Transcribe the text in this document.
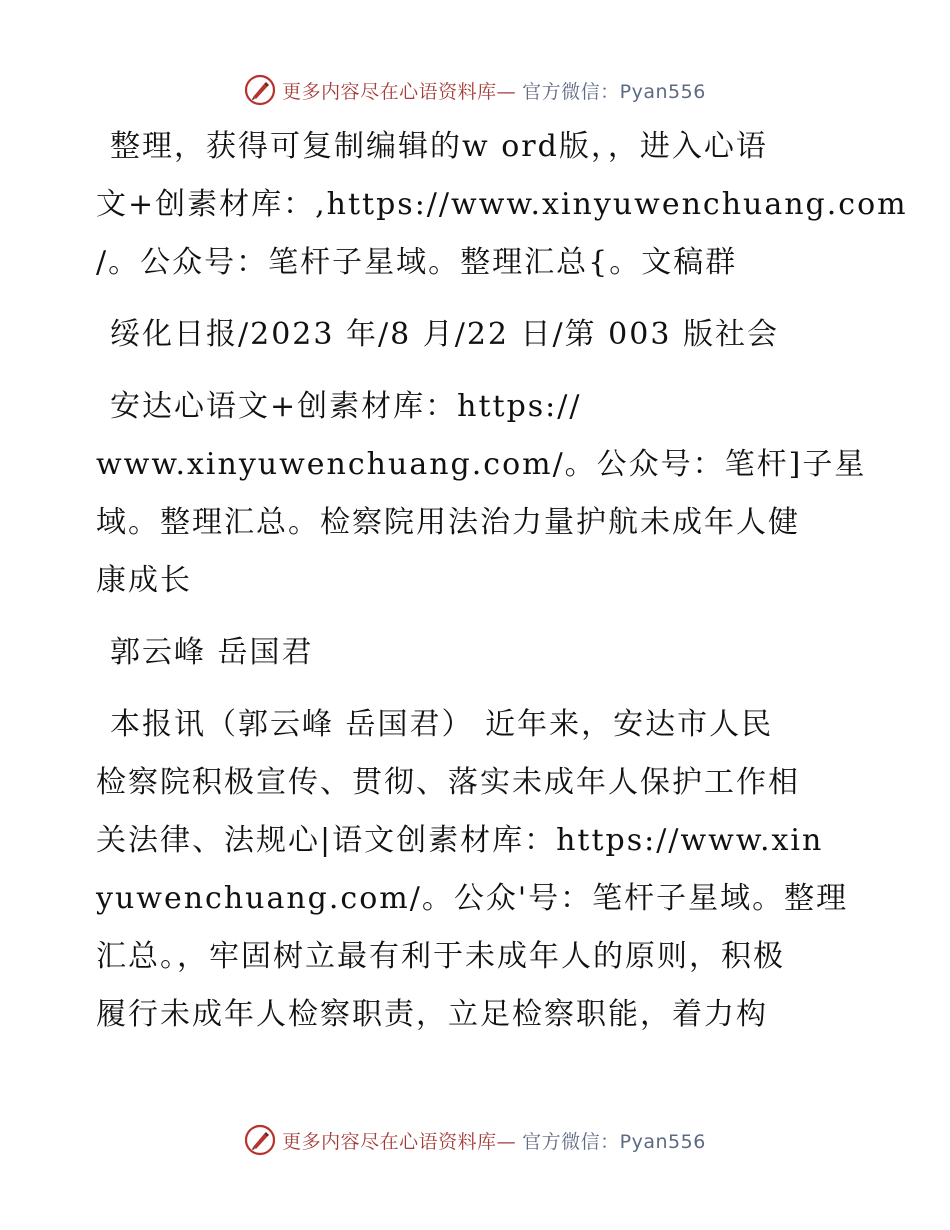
更多内容尽在心语资料库— 官方微信：Pyan556
整理，获得可复制编辑的w ord版，，进入心语
文+创素材库：,https://www.xinyuwenchuang.com
/。公众号：笔杆子星域。整理汇总{。文稿群
绥化日报/2023 年/8 月/22 日/第 003 版社会
安达心语文+创素材库：https://
www.xinyuwenchuang.com/。公众号：笔杆]子星
域。整理汇总。检察院用法治力量护航未成年人健
康成长
郭云峰 岳国君
本报讯（郭云峰 岳国君） 近年来，安达市人民
检察院积极宣传、贯彻、落实未成年人保护工作相
关法律、法规心|语文创素材库：https://www.xin
yuwenchuang.com/。公众'号：笔杆子星域。整理
汇总。，牢固树立最有利于未成年人的原则，积极
履行未成年人检察职责，立足检察职能，着力构
更多内容尽在心语资料库— 官方微信：Pyan556
